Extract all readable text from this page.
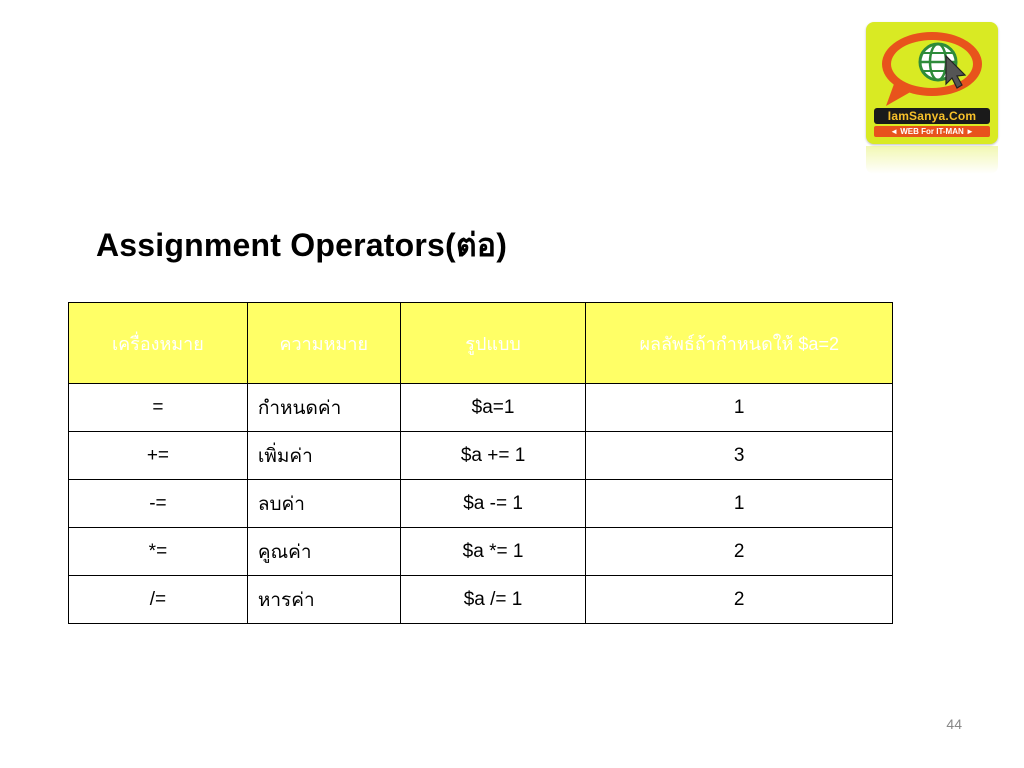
IamSanya.Com
◄ WEB For IT-MAN ►
Assignment Operators(ต่อ)
เครื่องหมาย	ความหมาย	รูปแบบ	ผลลัพธ์ถ้ากำหนดให้ $a=2
=	กำหนดค่า	$a=1	1
+=	เพิ่มค่า	$a += 1	3
-=	ลบค่า	$a -= 1	1
*=	คูณค่า	$a *= 1	2
/=	หารค่า	$a /= 1	2
44
